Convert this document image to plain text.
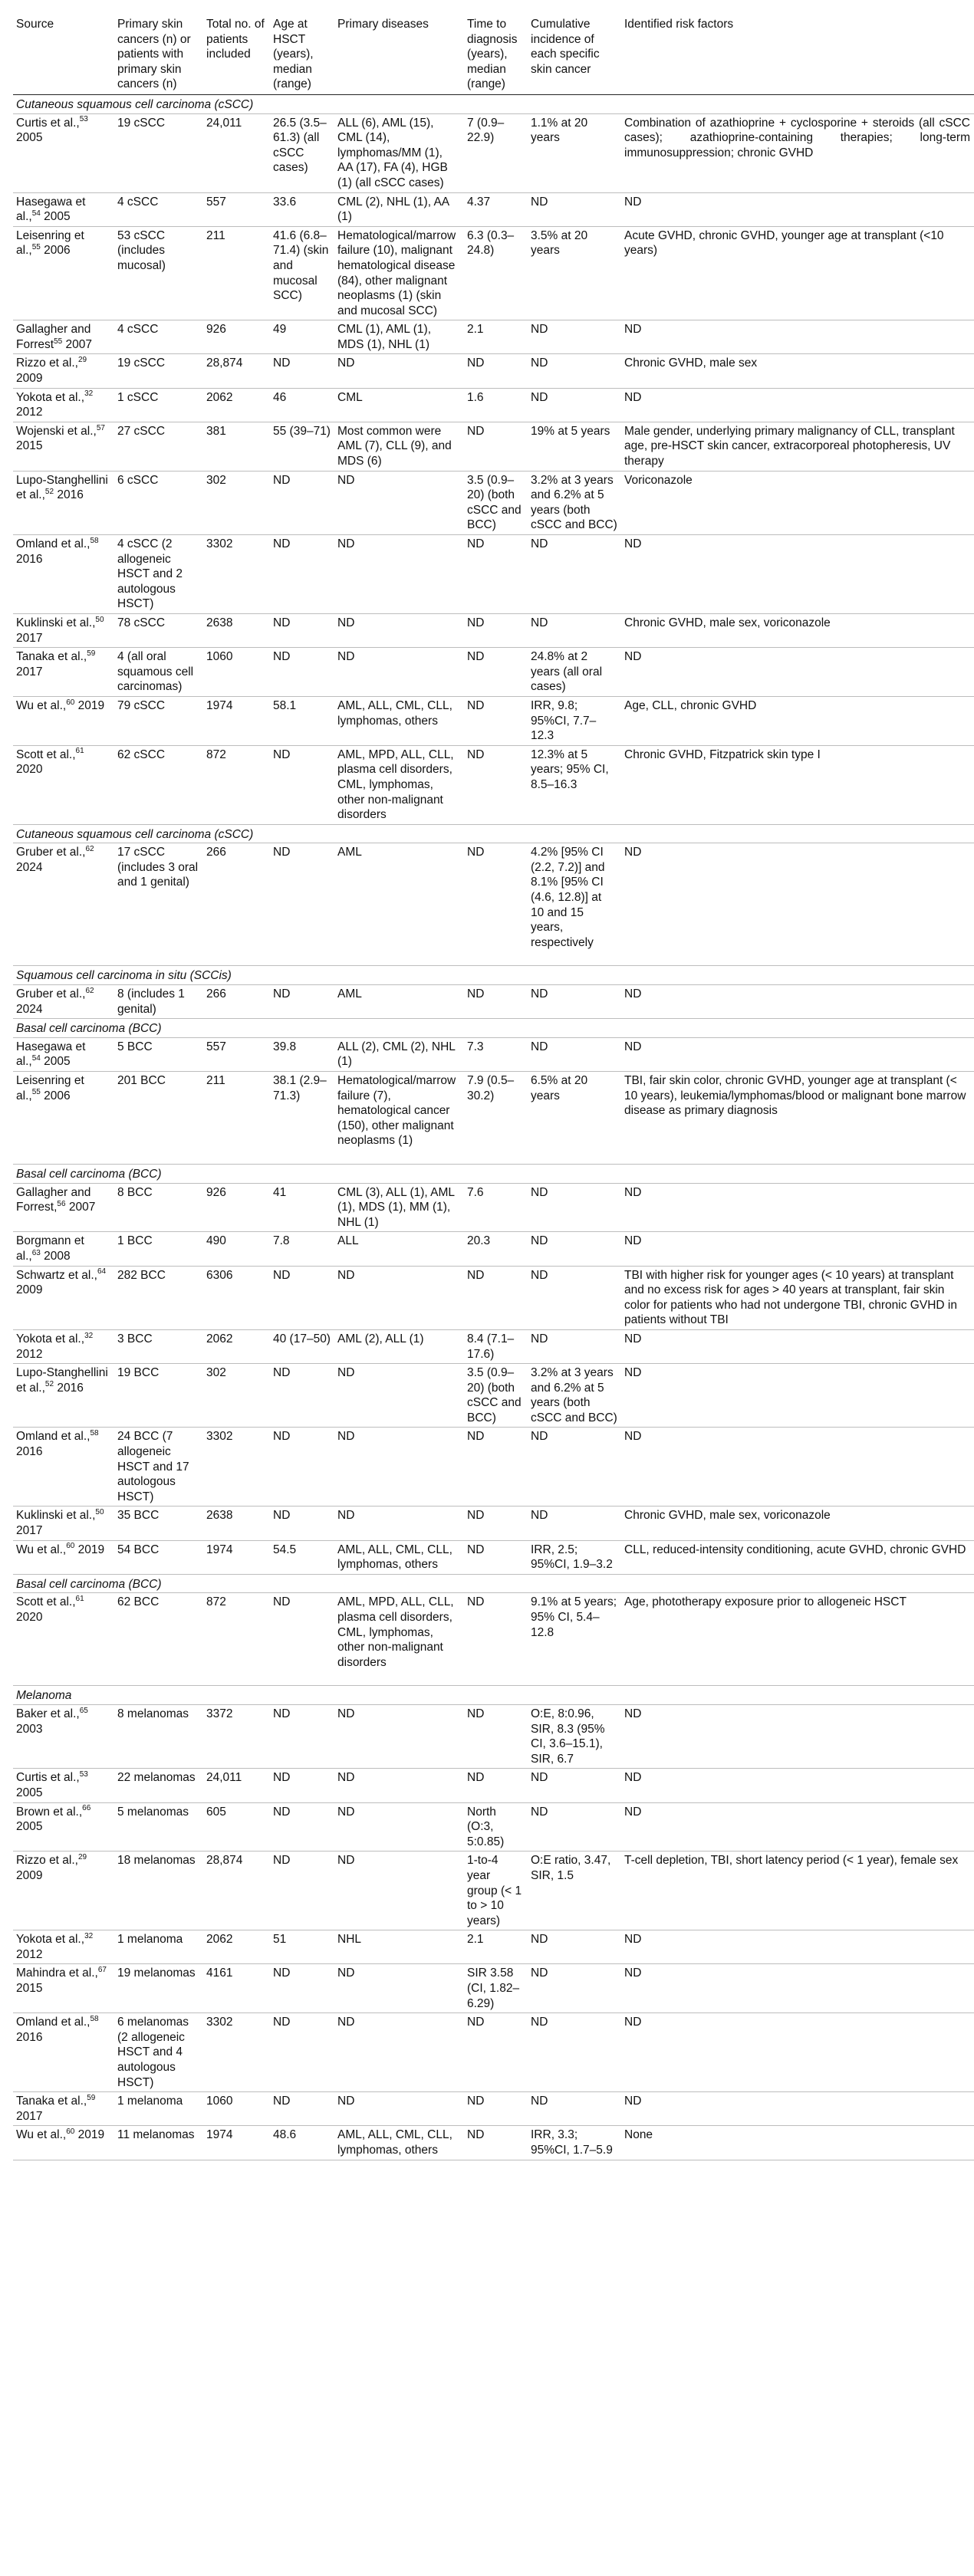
Source	Primary skin cancers (n) or patients with primary skin cancers (n)	Total no. of patients included	Age at HSCT (years), median (range)	Primary diseases	Time to diagnosis (years), median (range)	Cumulative incidence of each specific skin cancer	Identified risk factors
Cutaneous squamous cell carcinoma (cSCC)							
Curtis et al.,$^{53}$ 2005	19 cSCC	24,011	26.5 (3.5–61.3) (all cSCC cases)	ALL (6), AML (15), CML (14), lymphomas/MM (1), AA (17), FA (4), HGB (1) (all cSCC cases)	7 (0.9–22.9)	1.1% at 20 years	Combination of azathioprine + cyclosporine + steroids (all cSCC cases); azathioprine-containing therapies; long-term immunosuppression; chronic GVHD
Hasegawa et al.,$^{54}$ 2005	4 cSCC	557	33.6	CML (2), NHL (1), AA (1)	4.37	ND	ND
Leisenring et al.,$^{55}$ 2006	53 cSCC (includes mucosal)	211	41.6 (6.8–71.4) (skin and mucosal SCC)	Hematological/marrow failure (10), malignant hematological disease (84), other malignant neoplasms (1) (skin and mucosal SCC)	6.3 (0.3–24.8)	3.5% at 20 years	Acute GVHD, chronic GVHD, younger age at transplant (<10 years)
Gallagher and Forrest$^{55}$ 2007	4 cSCC	926	49	CML (1), AML (1), MDS (1), NHL (1)	2.1	ND	ND
Rizzo et al.,$^{29}$ 2009	19 cSCC	28,874	ND	ND	ND	ND	Chronic GVHD, male sex
Yokota et al.,$^{32}$ 2012	1 cSCC	2062	46	CML	1.6	ND	ND
Wojenski et al.,$^{57}$ 2015	27 cSCC	381	55 (39–71)	Most common were AML (7), CLL (9), and MDS (6)	ND	19% at 5 years	Male gender, underlying primary malignancy of CLL, transplant age, pre-HSCT skin cancer, extracorporeal photopheresis, UV therapy
Lupo-Stanghellini et al.,$^{52}$ 2016	6 cSCC	302	ND	ND	3.5 (0.9–20) (both cSCC and BCC)	3.2% at 3 years and 6.2% at 5 years (both cSCC and BCC)	Voriconazole
Omland et al.,$^{58}$ 2016	4 cSCC (2 allogeneic HSCT and 2 autologous HSCT)	3302	ND	ND	ND	ND	ND
Kuklinski et al.,$^{50}$ 2017	78 cSCC	2638	ND	ND	ND	ND	Chronic GVHD, male sex, voriconazole
Tanaka et al.,$^{59}$ 2017	4 (all oral squamous cell carcinomas)	1060	ND	ND	ND	24.8% at 2 years (all oral cases)	ND
Wu et al.,$^{60}$ 2019	79 cSCC	1974	58.1	AML, ALL, CML, CLL, lymphomas, others	ND	IRR, 9.8; 95%CI, 7.7–12.3	Age, CLL, chronic GVHD
Scott et al.,$^{61}$ 2020	62 cSCC	872	ND	AML, MPD, ALL, CLL, plasma cell disorders, CML, lymphomas, other non-malignant disorders	ND	12.3% at 5 years; 95% CI, 8.5–16.3	Chronic GVHD, Fitzpatrick skin type I
Cutaneous squamous cell carcinoma (cSCC)							
Gruber et al.,$^{62}$ 2024	17 cSCC (includes 3 oral and 1 genital)	266	ND	AML	ND	4.2% [95% CI (2.2, 7.2)] and 8.1% [95% CI (4.6, 12.8)] at 10 and 15 years, respectively	ND
Squamous cell carcinoma in situ (SCCis)							
Gruber et al.,$^{62}$ 2024	8 (includes 1 genital)	266	ND	AML	ND	ND	ND
Basal cell carcinoma (BCC)							
Hasegawa et al.,$^{54}$ 2005	5 BCC	557	39.8	ALL (2), CML (2), NHL (1)	7.3	ND	ND
Leisenring et al.,$^{55}$ 2006	201 BCC	211	38.1 (2.9–71.3)	Hematological/marrow failure (7), hematological cancer (150), other malignant neoplasms (1)	7.9 (0.5–30.2)	6.5% at 20 years	TBI, fair skin color, chronic GVHD, younger age at transplant (< 10 years), leukemia/lymphomas/blood or malignant bone marrow disease as primary diagnosis
Basal cell carcinoma (BCC)							
Gallagher and Forrest,$^{56}$ 2007	8 BCC	926	41	CML (3), ALL (1), AML (1), MDS (1), MM (1), NHL (1)	7.6	ND	ND
Borgmann et al.,$^{63}$ 2008	1 BCC	490	7.8	ALL	20.3	ND	ND
Schwartz et al.,$^{64}$ 2009	282 BCC	6306	ND	ND	ND	ND	TBI with higher risk for younger ages (< 10 years) at transplant and no excess risk for ages > 40 years at transplant, fair skin color for patients who had not undergone TBI, chronic GVHD in patients without TBI
Yokota et al.,$^{32}$ 2012	3 BCC	2062	40 (17–50)	AML (2), ALL (1)	8.4 (7.1–17.6)	ND	ND
Lupo-Stanghellini et al.,$^{52}$ 2016	19 BCC	302	ND	ND	3.5 (0.9–20) (both cSCC and BCC)	3.2% at 3 years and 6.2% at 5 years (both cSCC and BCC)	ND
Omland et al.,$^{58}$ 2016	24 BCC (7 allogeneic HSCT and 17 autologous HSCT)	3302	ND	ND	ND	ND	ND
Kuklinski et al.,$^{50}$ 2017	35 BCC	2638	ND	ND	ND	ND	Chronic GVHD, male sex, voriconazole
Wu et al.,$^{60}$ 2019	54 BCC	1974	54.5	AML, ALL, CML, CLL, lymphomas, others	ND	IRR, 2.5; 95%CI, 1.9–3.2	CLL, reduced-intensity conditioning, acute GVHD, chronic GVHD
Basal cell carcinoma (BCC)							
Scott et al.,$^{61}$ 2020	62 BCC	872	ND	AML, MPD, ALL, CLL, plasma cell disorders, CML, lymphomas, other non-malignant disorders	ND	9.1% at 5 years; 95% CI, 5.4–12.8	Age, phototherapy exposure prior to allogeneic HSCT
Melanoma							
Baker et al.,$^{65}$ 2003	8 melanomas	3372	ND	ND	ND	O:E, 8:0.96, SIR, 8.3 (95% CI, 3.6–15.1), SIR, 6.7	ND
Curtis et al.,$^{53}$ 2005	22 melanomas	24,011	ND	ND	ND	ND	ND
Brown et al.,$^{66}$ 2005	5 melanomas	605	ND	ND	North (O:3, 5:0.85)	ND	ND
Rizzo et al.,$^{29}$ 2009	18 melanomas	28,874	ND	ND	1-to-4 year group (< 1 to > 10 years)	O:E ratio, 3.47, SIR, 1.5	T-cell depletion, TBI, short latency period (< 1 year), female sex
Yokota et al.,$^{32}$ 2012	1 melanoma	2062	51	NHL	2.1	ND	ND
Mahindra et al.,$^{67}$ 2015	19 melanomas	4161	ND	ND	SIR 3.58 (CI, 1.82–6.29)	ND	ND
Omland et al.,$^{58}$ 2016	6 melanomas (2 allogeneic HSCT and 4 autologous HSCT)	3302	ND	ND	ND	ND	ND
Tanaka et al.,$^{59}$ 2017	1 melanoma	1060	ND	ND	ND	ND	ND
Wu et al.,$^{60}$ 2019	11 melanomas	1974	48.6	AML, ALL, CML, CLL, lymphomas, others	ND	IRR, 3.3; 95%CI, 1.7–5.9	None
